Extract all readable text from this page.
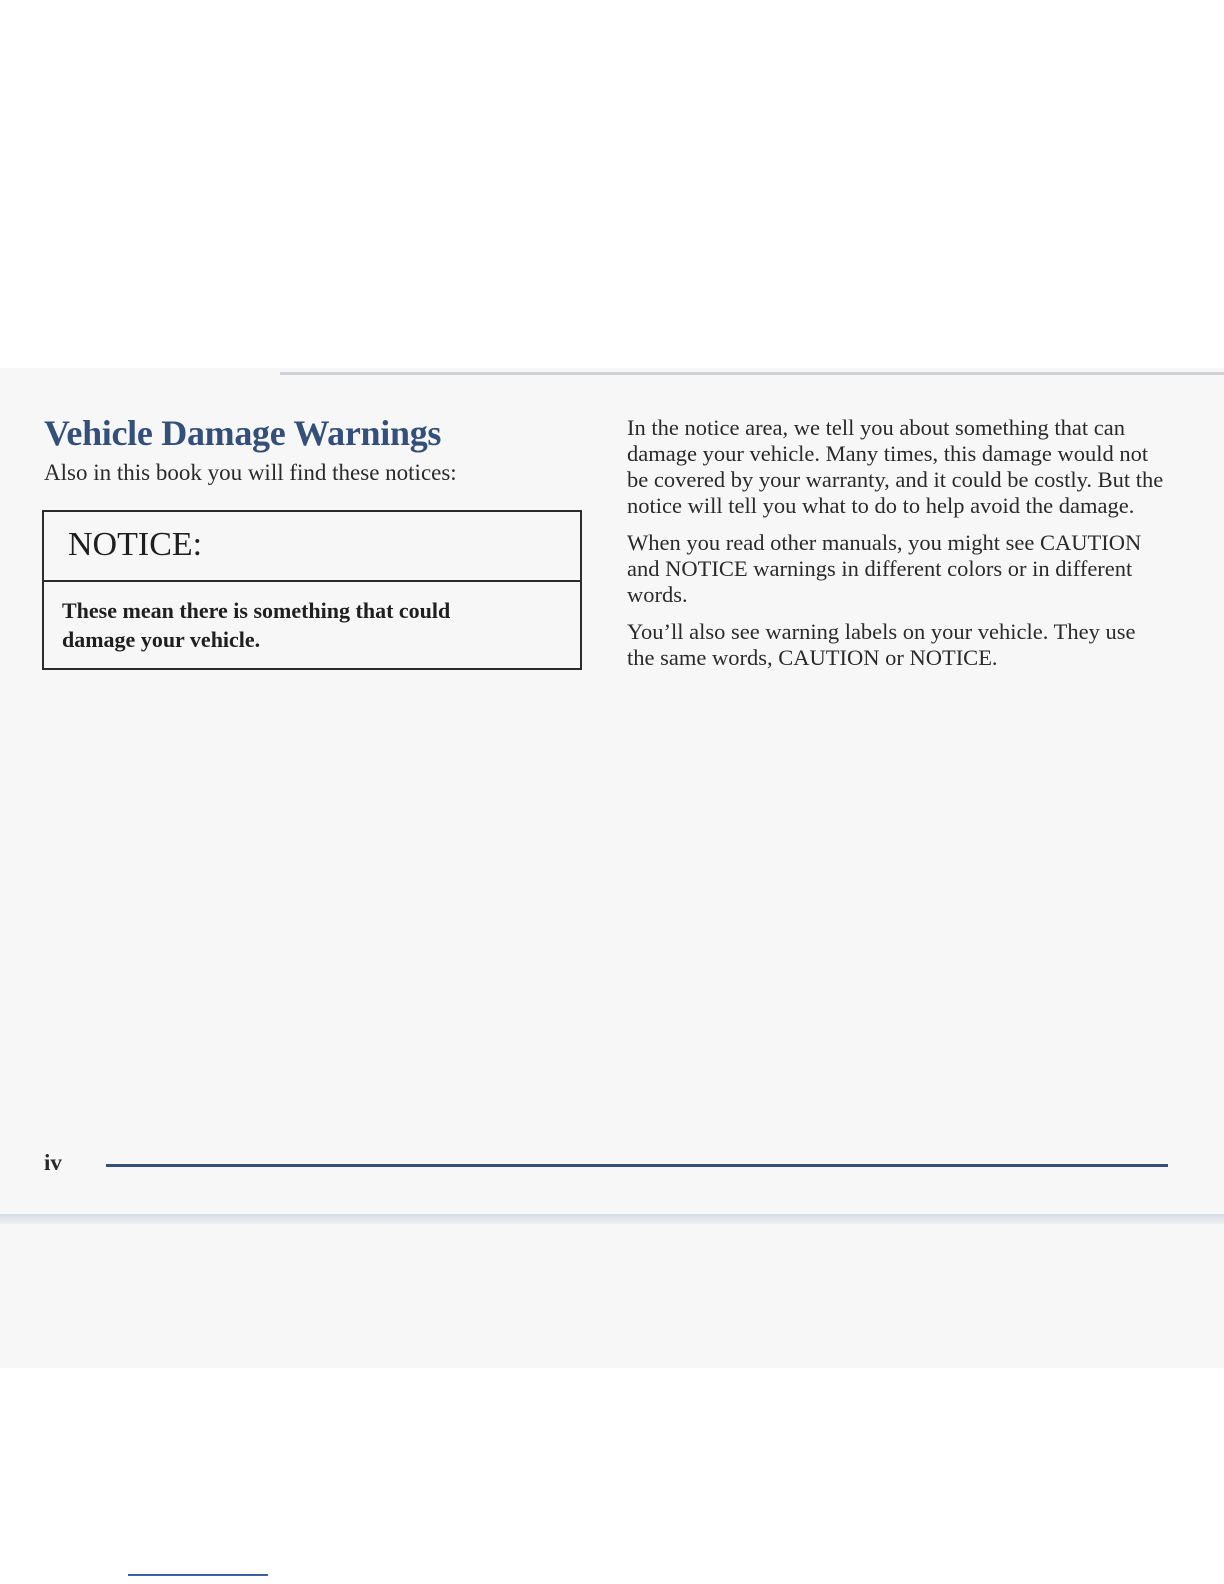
Vehicle Damage Warnings

Also in this book you will find these notices:

NOTICE:
These mean there is something that could damage your vehicle.

In the notice area, we tell you about something that can damage your vehicle. Many times, this damage would not be covered by your warranty, and it could be costly. But the notice will tell you what to do to help avoid the damage.

When you read other manuals, you might see CAUTION and NOTICE warnings in different colors or in different words.

You’ll also see warning labels on your vehicle. They use the same words, CAUTION or NOTICE.

iv
